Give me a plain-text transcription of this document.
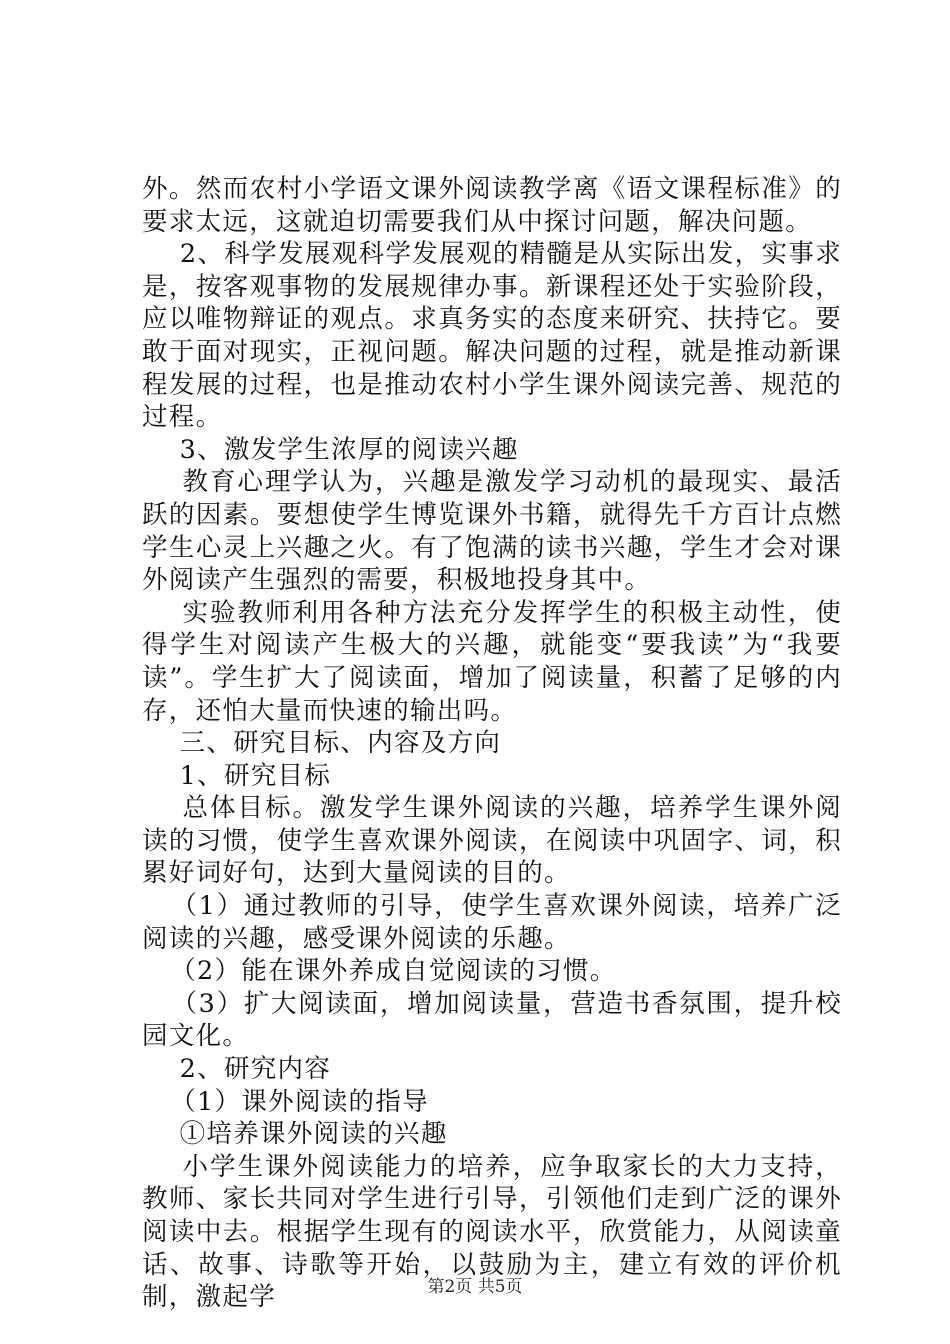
外。然而农村小学语文课外阅读教学离《语文课程标准》的要求太远，这就迫切需要我们从中探讨问题，解决问题。

2、科学发展观科学发展观的精髓是从实际出发，实事求是，按客观事物的发展规律办事。新课程还处于实验阶段，应以唯物辩证的观点。求真务实的态度来研究、扶持它。要敢于面对现实，正视问题。解决问题的过程，就是推动新课程发展的过程，也是推动农村小学生课外阅读完善、规范的过程。

3、激发学生浓厚的阅读兴趣

教育心理学认为，兴趣是激发学习动机的最现实、最活跃的因素。要想使学生博览课外书籍，就得先千方百计点燃学生心灵上兴趣之火。有了饱满的读书兴趣，学生才会对课外阅读产生强烈的需要，积极地投身其中。

实验教师利用各种方法充分发挥学生的积极主动性，使得学生对阅读产生极大的兴趣，就能变“要我读”为“我要读”。学生扩大了阅读面，增加了阅读量，积蓄了足够的内存，还怕大量而快速的输出吗。

三、研究目标、内容及方向

1、研究目标

总体目标。激发学生课外阅读的兴趣，培养学生课外阅读的习惯，使学生喜欢课外阅读，在阅读中巩固字、词，积累好词好句，达到大量阅读的目的。

（1）通过教师的引导，使学生喜欢课外阅读，培养广泛阅读的兴趣，感受课外阅读的乐趣。

（2）能在课外养成自觉阅读的习惯。

（3）扩大阅读面，增加阅读量，营造书香氛围，提升校园文化。

2、研究内容

（1）课外阅读的指导

①培养课外阅读的兴趣

小学生课外阅读能力的培养，应争取家长的大力支持，教师、家长共同对学生进行引导，引领他们走到广泛的课外阅读中去。根据学生现有的阅读水平，欣赏能力，从阅读童话、故事、诗歌等开始，以鼓励为主，建立有效的评价机制，激起学	第2页 共5页
